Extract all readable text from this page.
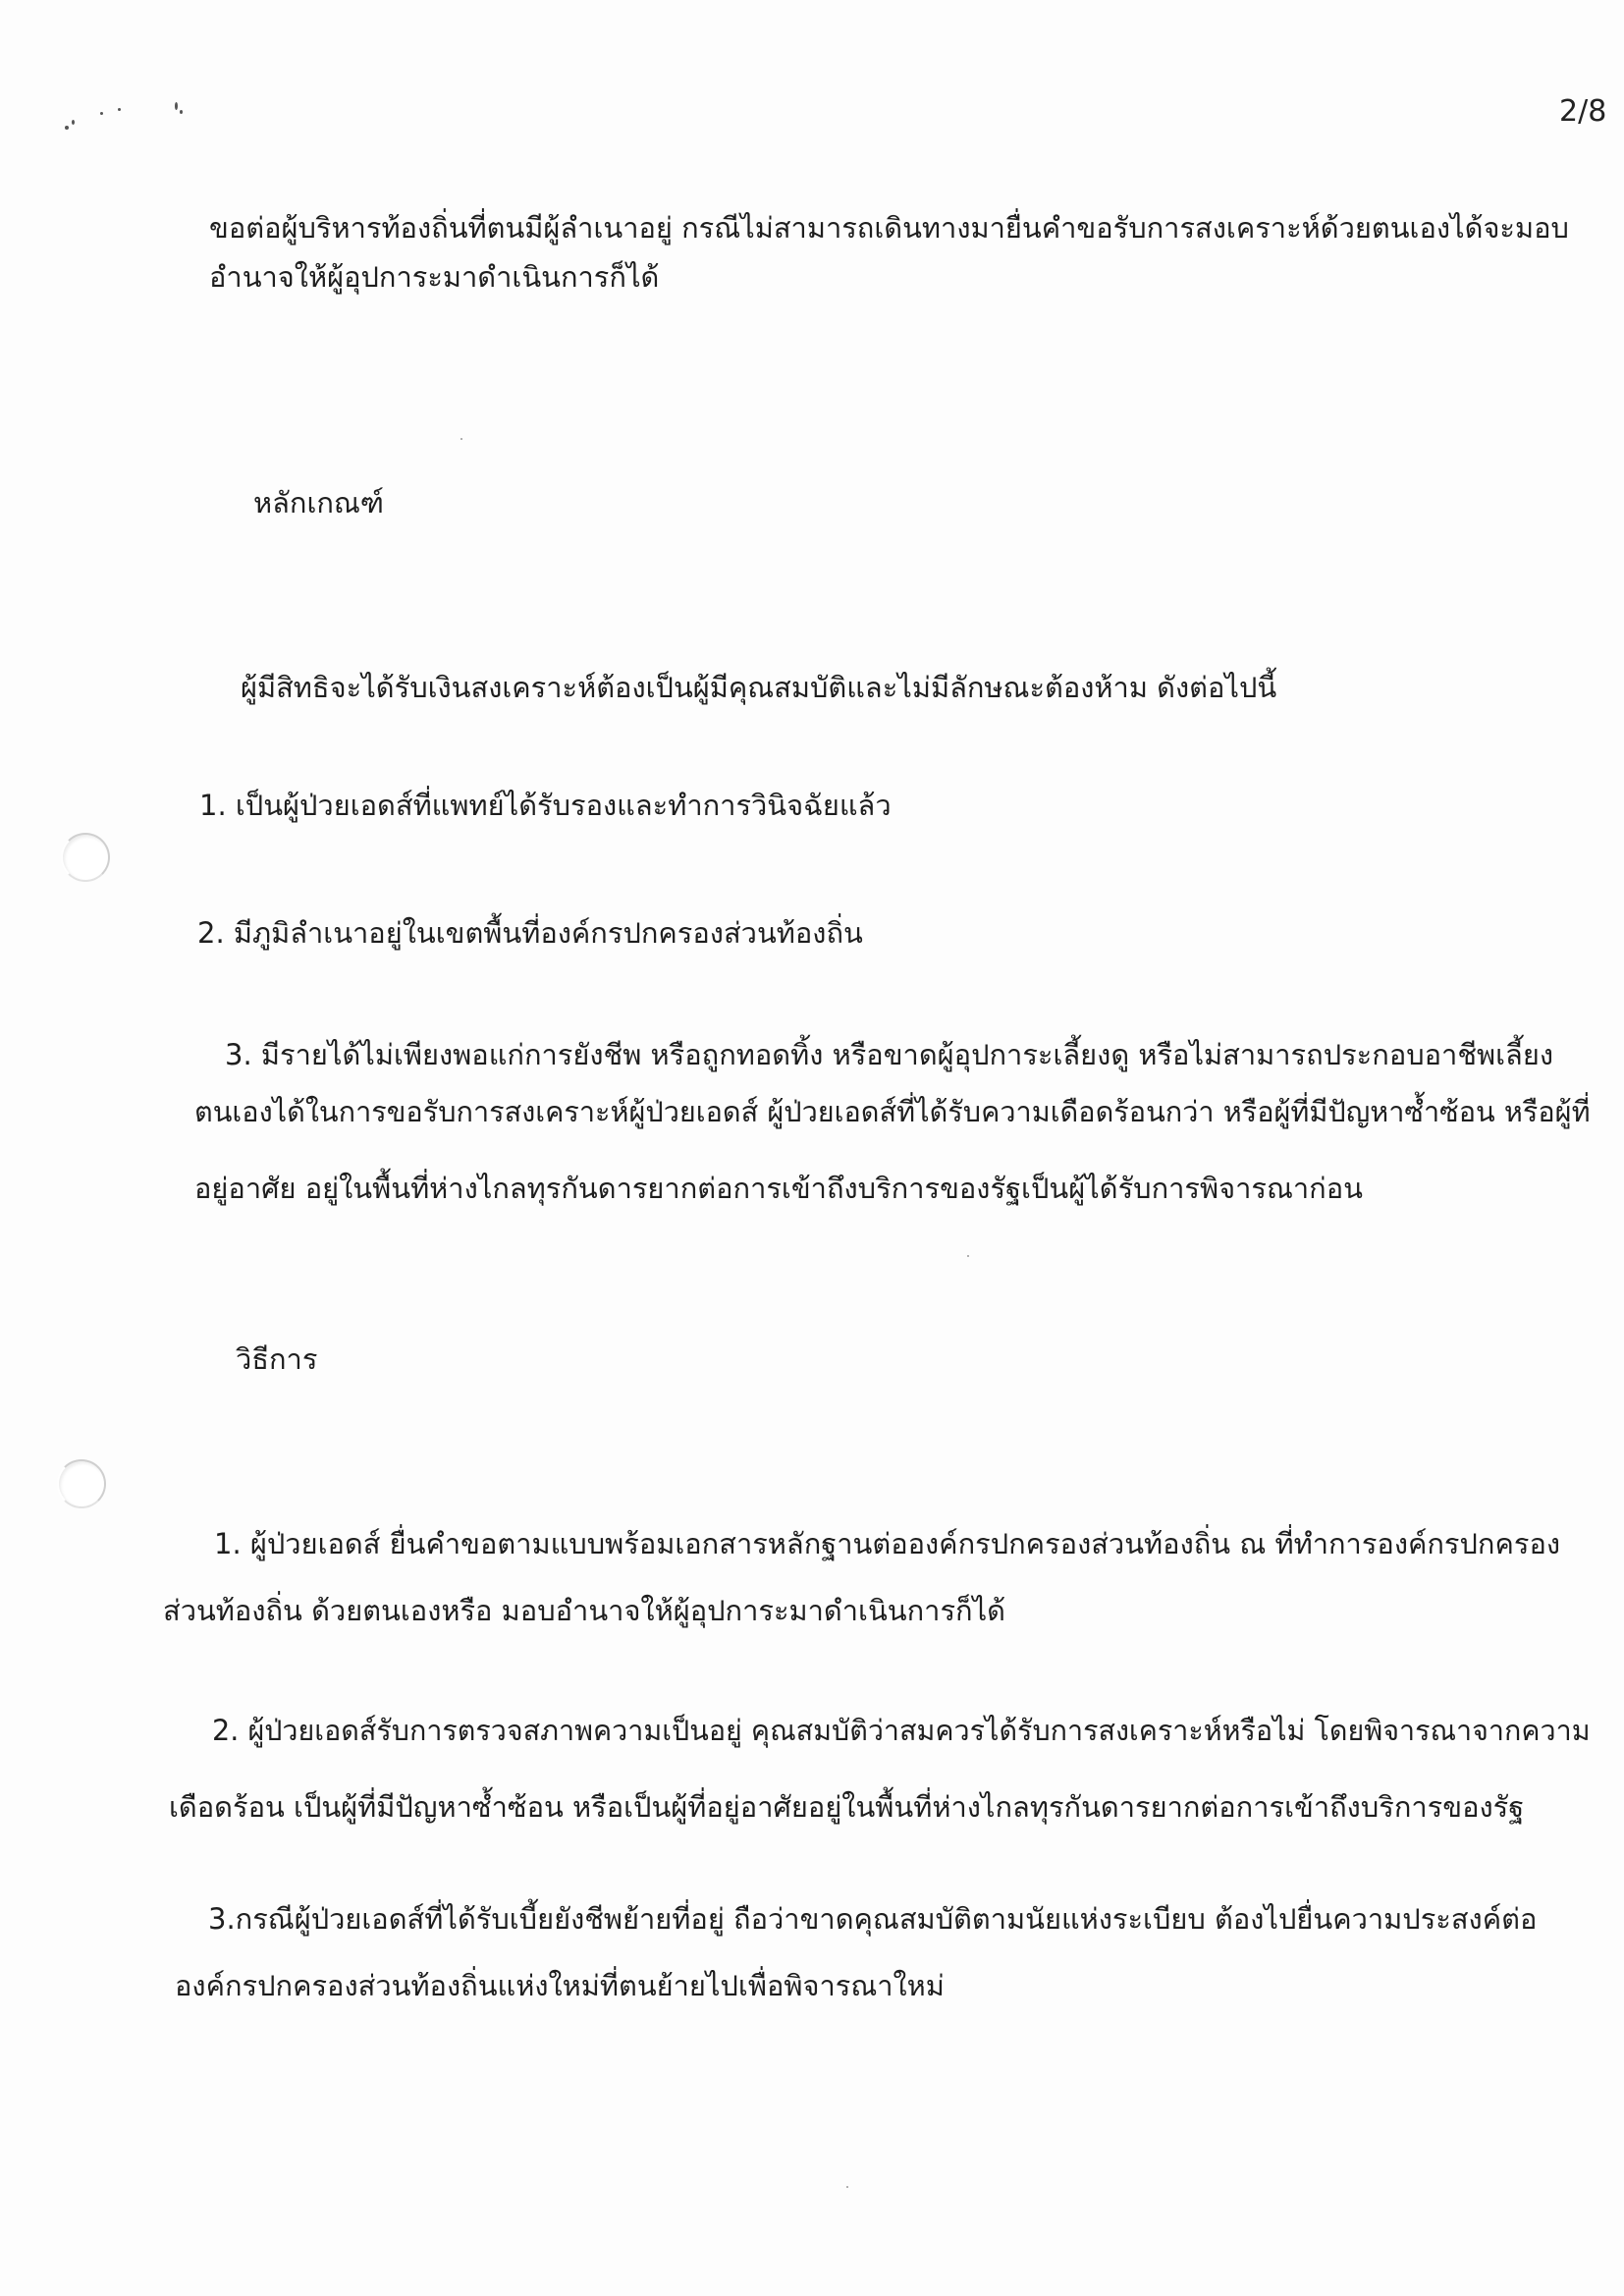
2/8
ขอต่อผู้บริหารท้องถิ่นที่ตนมีผู้ลำเนาอยู่ กรณีไม่สามารถเดินทางมายื่นคำขอรับการสงเคราะห์ด้วยตนเองได้จะมอบ
อำนาจให้ผู้อุปการะมาดำเนินการก็ได้
หลักเกณฑ์
ผู้มีสิทธิจะได้รับเงินสงเคราะห์ต้องเป็นผู้มีคุณสมบัติและไม่มีลักษณะต้องห้าม ดังต่อไปนี้
1. เป็นผู้ป่วยเอดส์ที่แพทย์ได้รับรองและทำการวินิจฉัยแล้ว
2. มีภูมิลำเนาอยู่ในเขตพื้นที่องค์กรปกครองส่วนท้องถิ่น
3. มีรายได้ไม่เพียงพอแก่การยังชีพ หรือถูกทอดทิ้ง หรือขาดผู้อุปการะเลี้ยงดู หรือไม่สามารถประกอบอาชีพเลี้ยง
ตนเองได้ในการขอรับการสงเคราะห์ผู้ป่วยเอดส์ ผู้ป่วยเอดส์ที่ได้รับความเดือดร้อนกว่า หรือผู้ที่มีปัญหาซ้ำซ้อน หรือผู้ที่
อยู่อาศัย อยู่ในพื้นที่ห่างไกลทุรกันดารยากต่อการเข้าถึงบริการของรัฐเป็นผู้ได้รับการพิจารณาก่อน
วิธีการ
1. ผู้ป่วยเอดส์ ยื่นคำขอตามแบบพร้อมเอกสารหลักฐานต่อองค์กรปกครองส่วนท้องถิ่น ณ ที่ทำการองค์กรปกครอง
ส่วนท้องถิ่น ด้วยตนเองหรือ มอบอำนาจให้ผู้อุปการะมาดำเนินการก็ได้
2. ผู้ป่วยเอดส์รับการตรวจสภาพความเป็นอยู่ คุณสมบัติว่าสมควรได้รับการสงเคราะห์หรือไม่ โดยพิจารณาจากความ
เดือดร้อน เป็นผู้ที่มีปัญหาซ้ำซ้อน หรือเป็นผู้ที่อยู่อาศัยอยู่ในพื้นที่ห่างไกลทุรกันดารยากต่อการเข้าถึงบริการของรัฐ
3.กรณีผู้ป่วยเอดส์ที่ได้รับเบี้ยยังชีพย้ายที่อยู่ ถือว่าขาดคุณสมบัติตามนัยแห่งระเบียบ ต้องไปยื่นความประสงค์ต่อ
องค์กรปกครองส่วนท้องถิ่นแห่งใหม่ที่ตนย้ายไปเพื่อพิจารณาใหม่
